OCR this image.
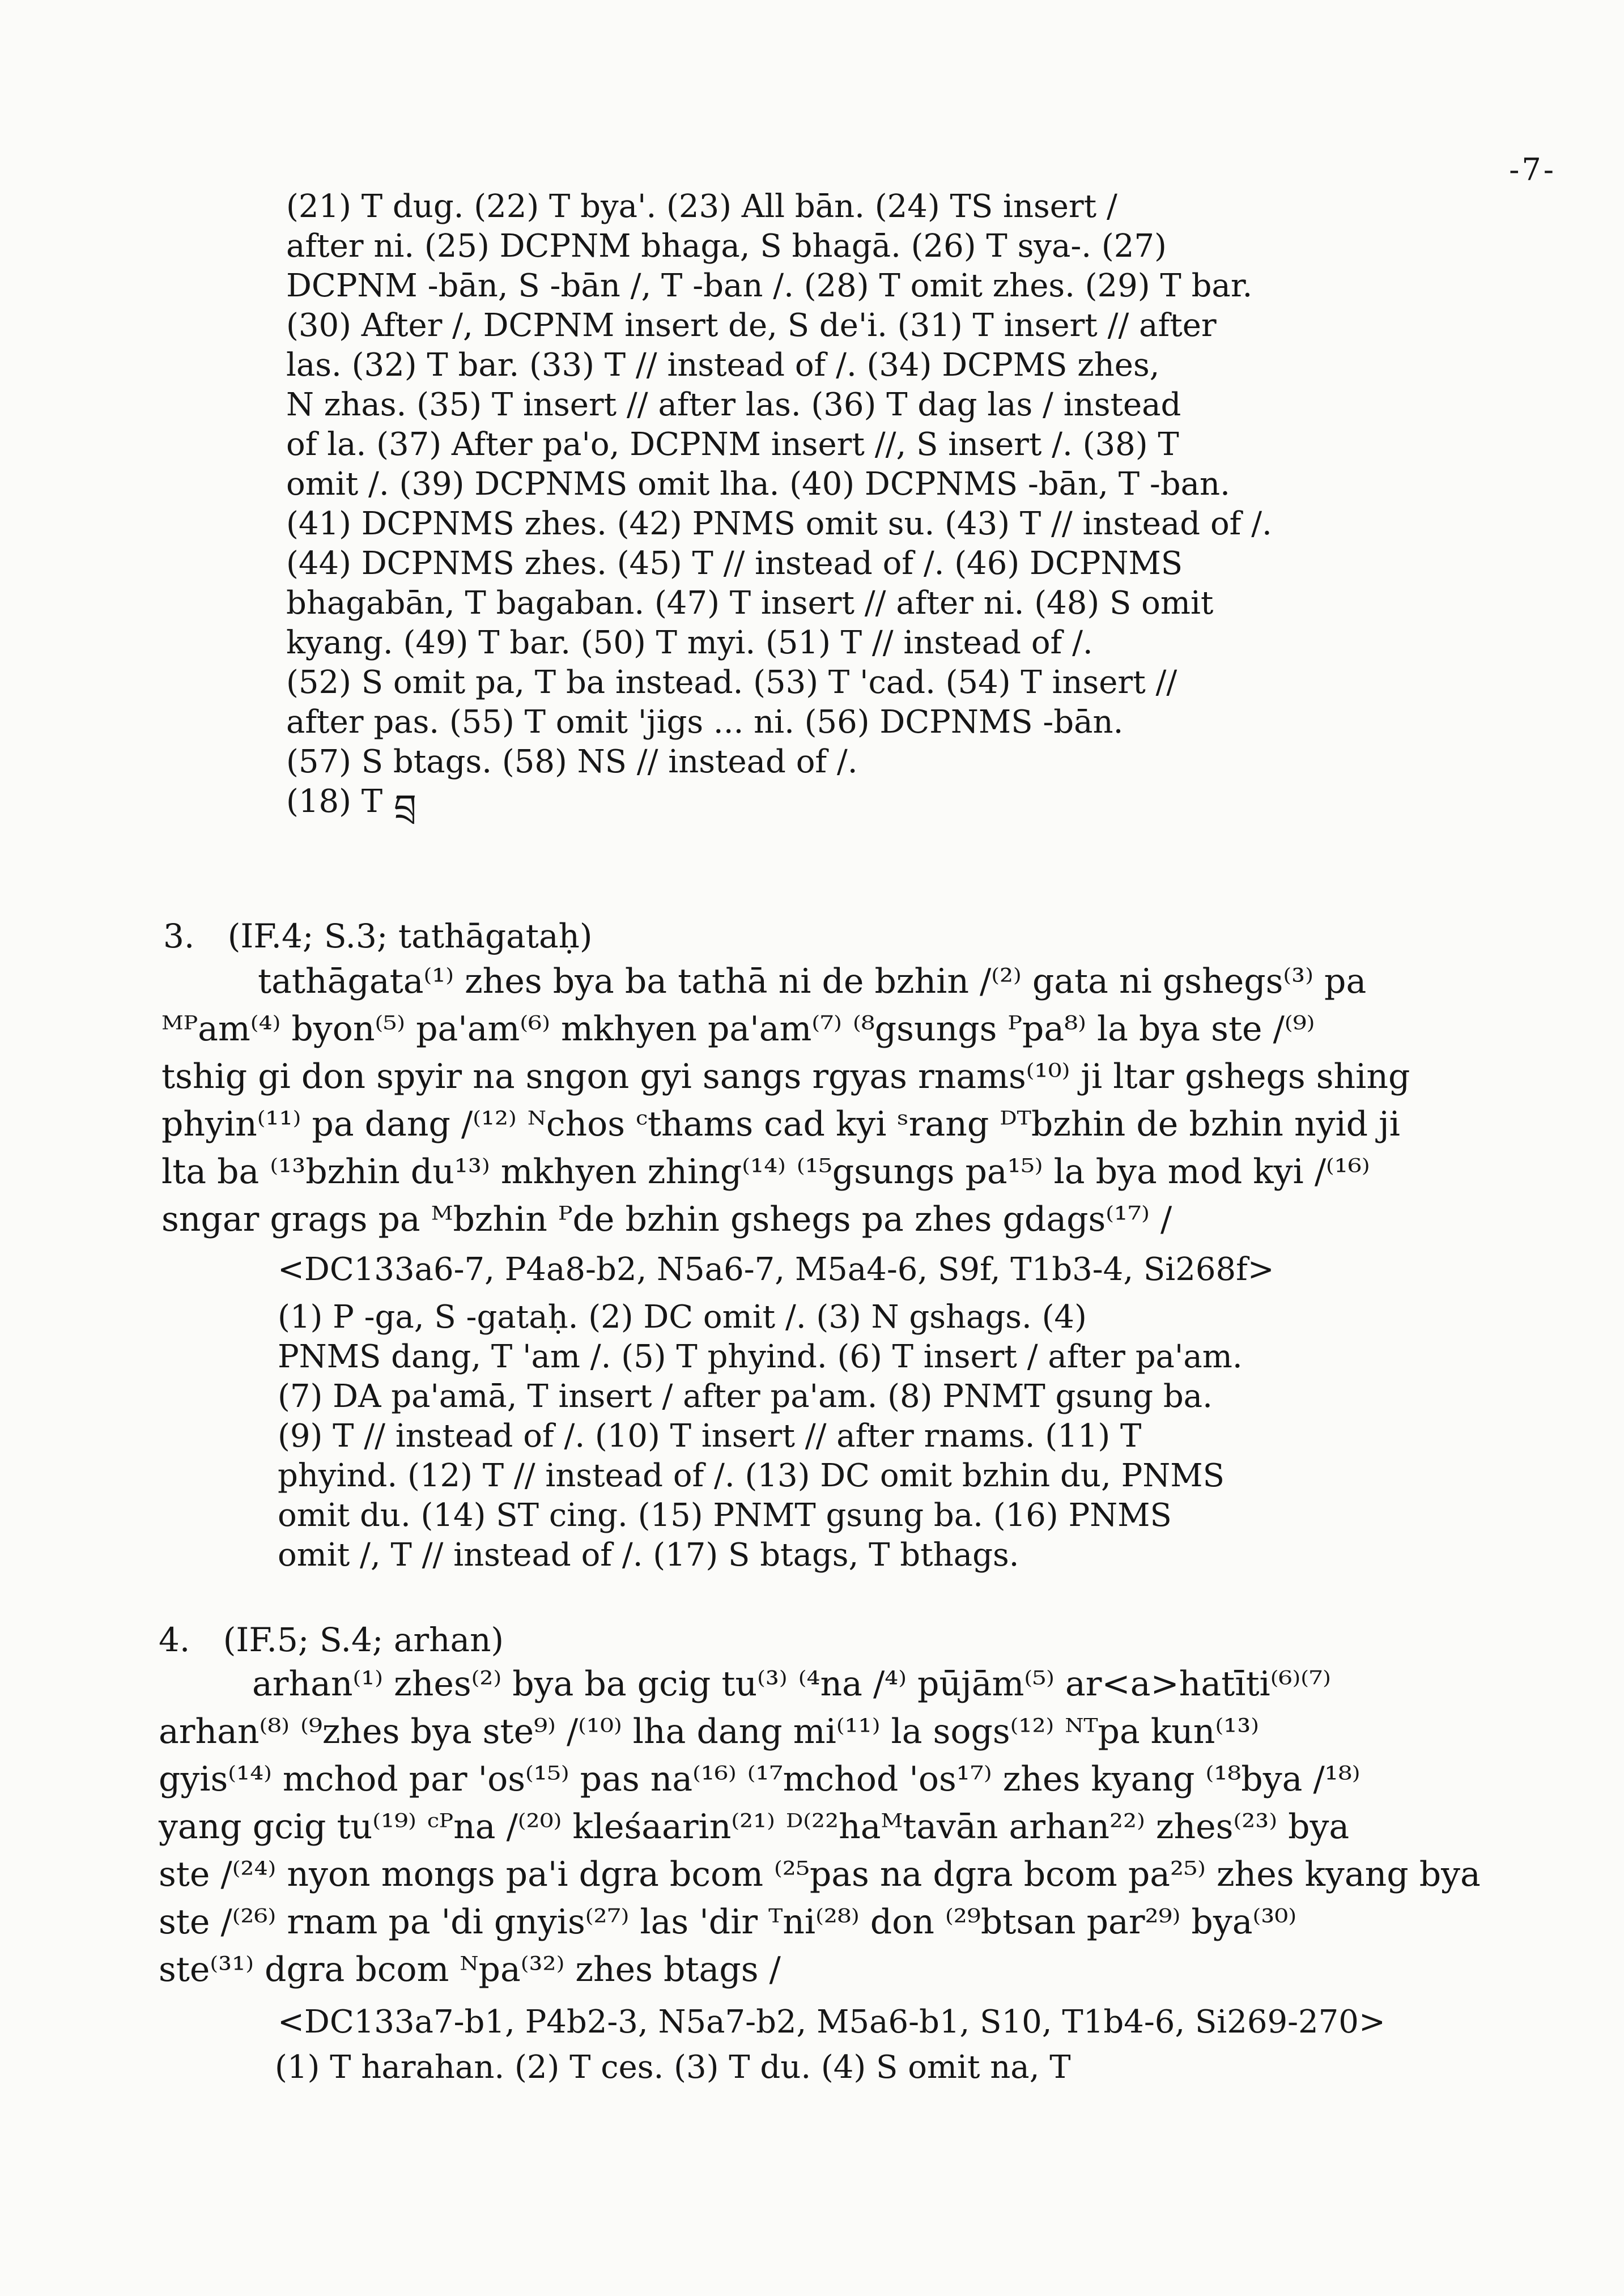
-7-
(21) T dug. (22) T bya'. (23) All bān. (24) TS insert /
after ni. (25) DCPNM bhaga, S bhagā. (26) T sya-. (27)
DCPNM -bān, S -bān /, T -ban /. (28) T omit zhes. (29) T bar.
(30) After /, DCPNM insert de, S de'i. (31) T insert // after
las. (32) T bar. (33) T // instead of /. (34) DCPMS zhes,
N zhas. (35) T insert // after las. (36) T dag las / instead
of la. (37) After pa'o, DCPNM insert //, S insert /. (38) T
omit /. (39) DCPNMS omit lha. (40) DCPNMS -bān, T -ban.
(41) DCPNMS zhes. (42) PNMS omit su. (43) T // instead of /.
(44) DCPNMS zhes. (45) T // instead of /. (46) DCPNMS
bhagabān, T bagaban. (47) T insert // after ni. (48) S omit
kyang. (49) T bar. (50) T myi. (51) T // instead of /.
(52) S omit pa, T ba instead. (53) T 'cad. (54) T insert //
after pas. (55) T omit 'jigs ... ni. (56) DCPNMS -bān.
(57) S btags. (58) NS // instead of /.
(18) T བྲ
3. (IF.4; S.3; tathāgataḥ)
tathāgata⁽¹⁾ zhes bya ba tathā ni de bzhin /⁽²⁾ gata ni gshegs⁽³⁾ pa
ᴹᴾam⁽⁴⁾ byon⁽⁵⁾ pa'am⁽⁶⁾ mkhyen pa'am⁽⁷⁾ ⁽⁸gsungs ᴾpa⁸⁾ la bya ste /⁽⁹⁾
tshig gi don spyir na sngon gyi sangs rgyas rnams⁽¹⁰⁾ ji ltar gshegs shing
phyin⁽¹¹⁾ pa dang /⁽¹²⁾ ᴺchos ᶜthams cad kyi ˢrang ᴰᵀbzhin de bzhin nyid ji
lta ba ⁽¹³bzhin du¹³⁾ mkhyen zhing⁽¹⁴⁾ ⁽¹⁵gsungs pa¹⁵⁾ la bya mod kyi /⁽¹⁶⁾
sngar grags pa ᴹbzhin ᴾde bzhin gshegs pa zhes gdags⁽¹⁷⁾ /
<DC133a6-7, P4a8-b2, N5a6-7, M5a4-6, S9f, T1b3-4, Si268f>
(1) P -ga, S -gataḥ. (2) DC omit /. (3) N gshags. (4)
PNMS dang, T 'am /. (5) T phyind. (6) T insert / after pa'am.
(7) DA pa'amā, T insert / after pa'am. (8) PNMT gsung ba.
(9) T // instead of /. (10) T insert // after rnams. (11) T
phyind. (12) T // instead of /. (13) DC omit bzhin du, PNMS
omit du. (14) ST cing. (15) PNMT gsung ba. (16) PNMS
omit /, T // instead of /. (17) S btags, T bthags.
4. (IF.5; S.4; arhan)
arhan⁽¹⁾ zhes⁽²⁾ bya ba gcig tu⁽³⁾ ⁽⁴na /⁴⁾ pūjām⁽⁵⁾ ar<a>hatīti⁽⁶⁾⁽⁷⁾
arhan⁽⁸⁾ ⁽⁹zhes bya ste⁹⁾ /⁽¹⁰⁾ lha dang mi⁽¹¹⁾ la sogs⁽¹²⁾ ᴺᵀpa kun⁽¹³⁾
gyis⁽¹⁴⁾ mchod par 'os⁽¹⁵⁾ pas na⁽¹⁶⁾ ⁽¹⁷mchod 'os¹⁷⁾ zhes kyang ⁽¹⁸bya /¹⁸⁾
yang gcig tu⁽¹⁹⁾ ᶜᴾna /⁽²⁰⁾ kleśaarin⁽²¹⁾ ᴰ⁽²²haᴹtavān arhan²²⁾ zhes⁽²³⁾ bya
ste /⁽²⁴⁾ nyon mongs pa'i dgra bcom ⁽²⁵pas na dgra bcom pa²⁵⁾ zhes kyang bya
ste /⁽²⁶⁾ rnam pa 'di gnyis⁽²⁷⁾ las 'dir ᵀni⁽²⁸⁾ don ⁽²⁹btsan par²⁹⁾ bya⁽³⁰⁾
ste⁽³¹⁾ dgra bcom ᴺpa⁽³²⁾ zhes btags /
<DC133a7-b1, P4b2-3, N5a7-b2, M5a6-b1, S10, T1b4-6, Si269-270>
(1) T harahan. (2) T ces. (3) T du. (4) S omit na, T
